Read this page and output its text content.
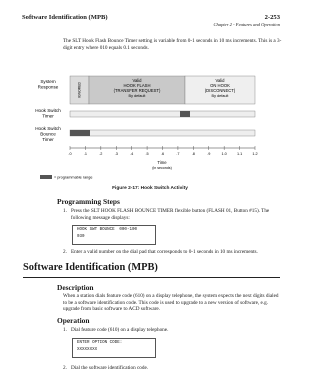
Software Identification (MPB)	2-253
Chapter 2 - Features and Operation

The SLT Hook Flash Bounce Timer setting is variable from 0-1 seconds in 10 ms increments. This is a 3-digit entry where 010 equals 0.1 seconds.

System
Response
Hook Switch
Timer
Hook Switch
Bounce
Timer
IGNORED
Valid
HOOK FLASH
(TRANSFER REQUEST)
By default
Valid
ON HOOK
(DISCONNECT)
By default
.0	.1	.2	.3	.4	.5	.6	.7	.8	.9	1.0	1.1	1.2
Time
(in seconds)
= programmable range
Figure 2-17: Hook Switch Activity
Programming Steps
1. Press the SLT HOOK FLASH BOUNCE TIMER flexible button (FLASH 01, Button #15). The following message displays:
HOOK SWT BOUNCE	000-100
030
2. Enter a valid number on the dial pad that corresponds to 0-1 seconds in 10 ms increments.
Software Identification (MPB)
Description

When a station dials feature code (610) on a display telephone, the system expects the next digits dialed to be a software identification code. This code is used to upgrade to a new version of software, e.g. upgrade from basic software to ACD software.

Operation
1. Dial feature code (610) on a display telephone.
ENTER OPTION CODE:
XXXXXXXX
2. Dial the software identification code.
